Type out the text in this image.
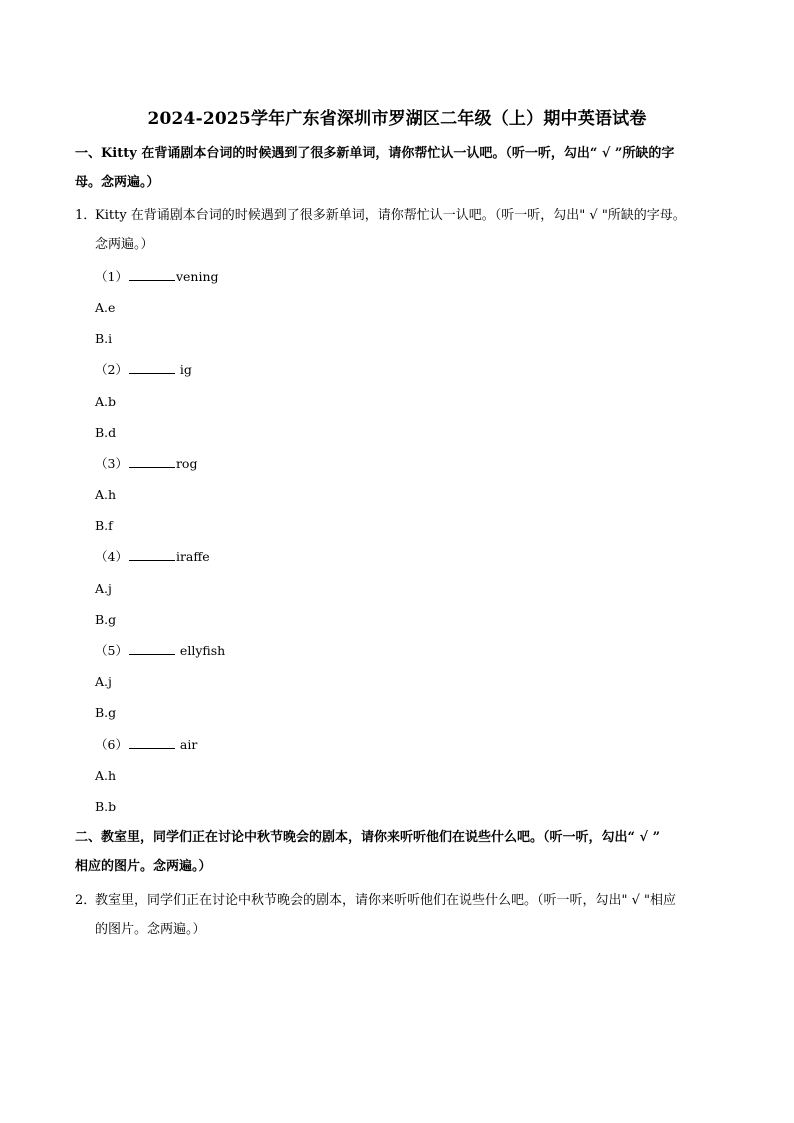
2024-2025学年广东省深圳市罗湖区二年级（上）期中英语试卷
一、Kitty 在背诵剧本台词的时候遇到了很多新单词，请你帮忙认一认吧。（听一听，勾出“ √ ”所缺的字
母。念两遍。）
1．Kitty 在背诵剧本台词的时候遇到了很多新单词，请你帮忙认一认吧。（听一听，勾出" √ "所缺的字母。
念两遍。）
（1）	vening
A.e
B.i
（2）	ig
A.b
B.d
（3）	rog
A.h
B.f
（4）	iraffe
A.j
B.g
（5）	ellyfish
A.j
B.g
（6）	air
A.h
B.b
二、教室里，同学们正在讨论中秋节晚会的剧本，请你来听听他们在说些什么吧。（听一听，勾出“ √ ”
相应的图片。念两遍。）
2．教室里，同学们正在讨论中秋节晚会的剧本，请你来听听他们在说些什么吧。（听一听，勾出" √ "相应
的图片。念两遍。）
